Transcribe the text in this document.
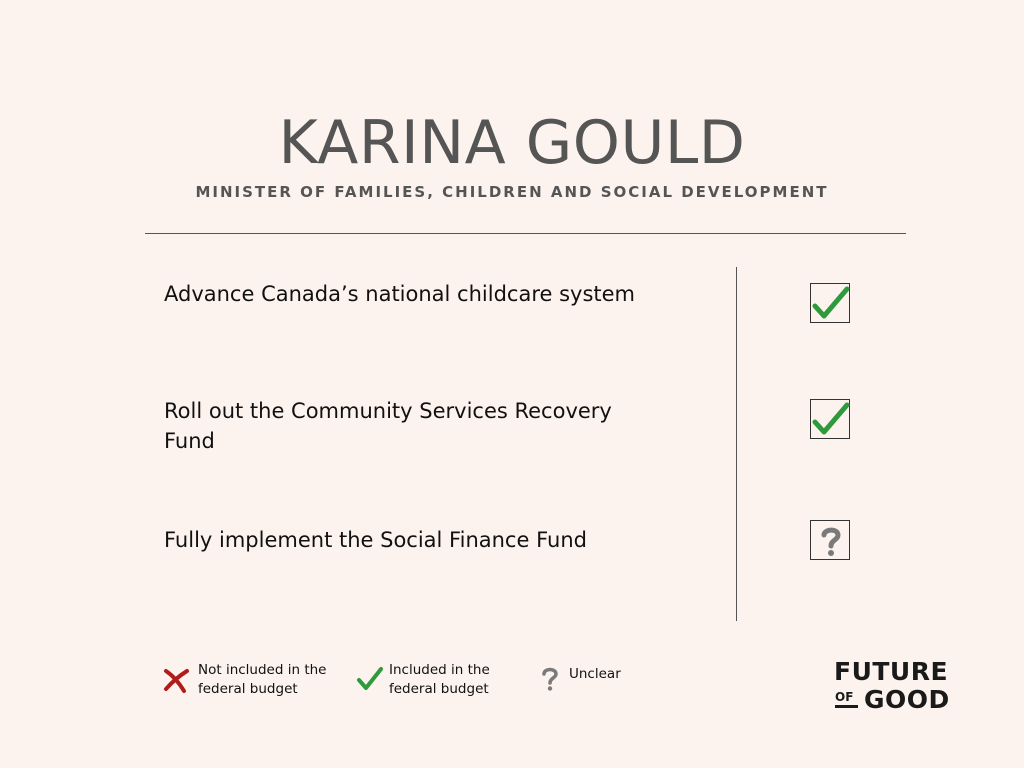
KARINA GOULD

MINISTER OF FAMILIES, CHILDREN AND SOCIAL DEVELOPMENT

Advance Canada’s national childcare system

Roll out the Community Services Recovery Fund

Fully implement the Social Finance Fund

Not included in the federal budget

Included in the federal budget

Unclear	FUTURE
OF GOOD
